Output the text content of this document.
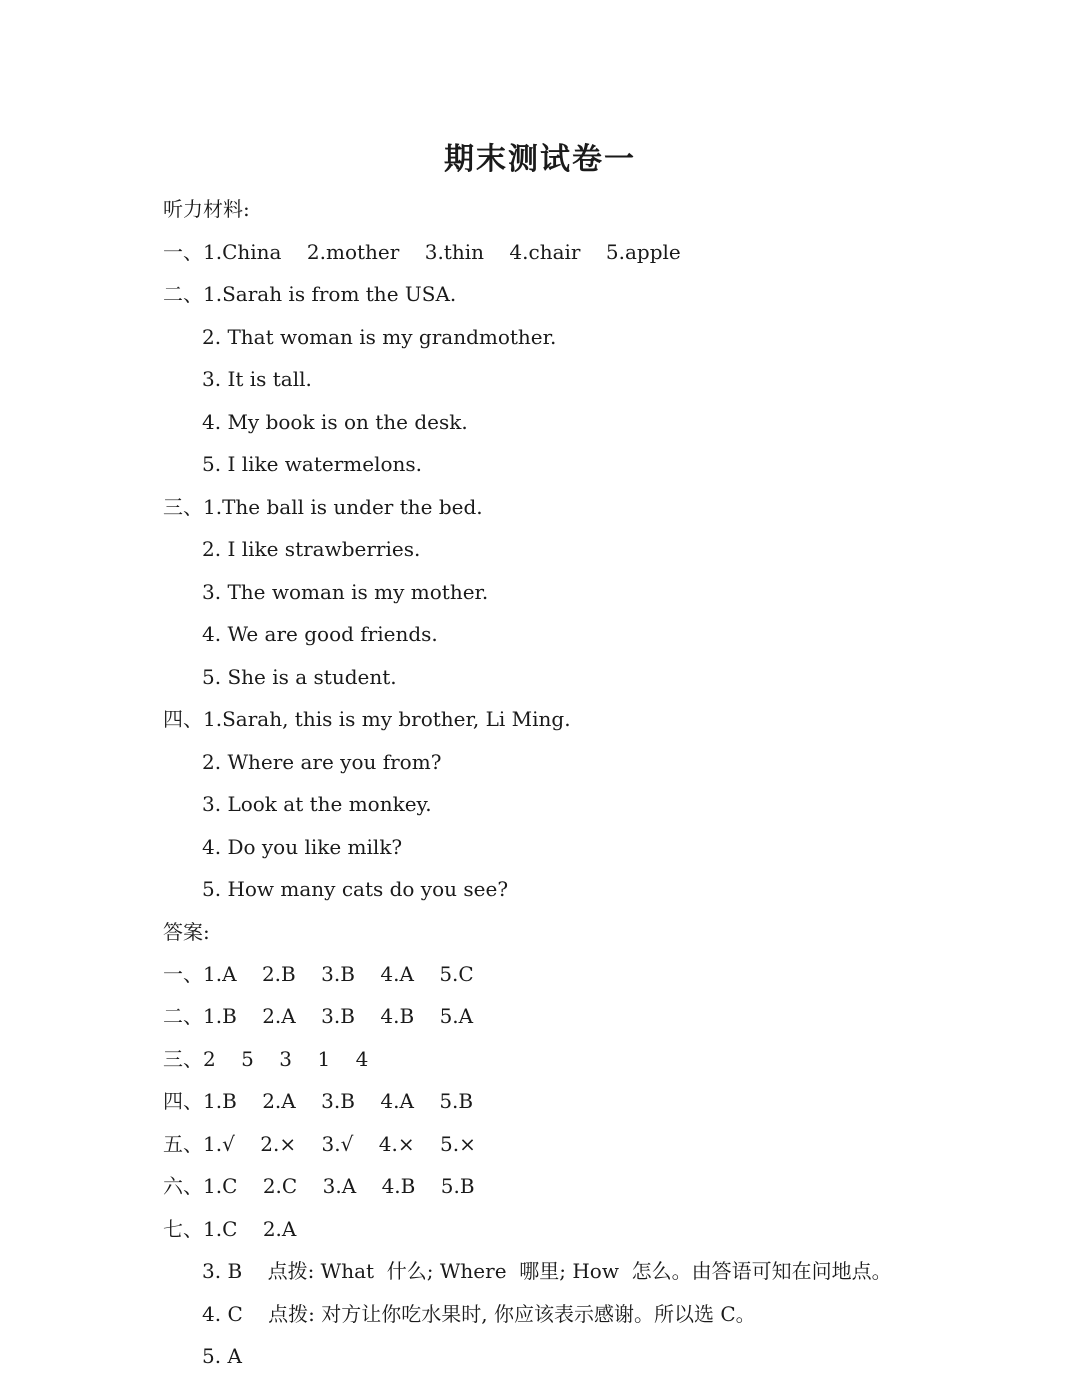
期末测试卷一
听力材料:
一、1.China    2.mother    3.thin    4.chair    5.apple
二、1.Sarah is from the USA.
2. That woman is my grandmother.
3. It is tall.
4. My book is on the desk.
5. I like watermelons.
三、1.The ball is under the bed.
2. I like strawberries.
3. The woman is my mother.
4. We are good friends.
5. She is a student.
四、1.Sarah, this is my brother, Li Ming.
2. Where are you from?
3. Look at the monkey.
4. Do you like milk?
5. How many cats do you see?
答案:
一、1.A    2.B    3.B    4.A    5.C
二、1.B    2.A    3.B    4.B    5.A
三、2    5    3    1    4
四、1.B    2.A    3.B    4.A    5.B
五、1.√    2.×    3.√    4.×    5.×
六、1.C    2.C    3.A    4.B    5.B
七、1.C    2.A
3. B    点拨: What  什么; Where  哪里; How  怎么。由答语可知在问地点。
4. C    点拨: 对方让你吃水果时, 你应该表示感谢。所以选 C。
5. A
